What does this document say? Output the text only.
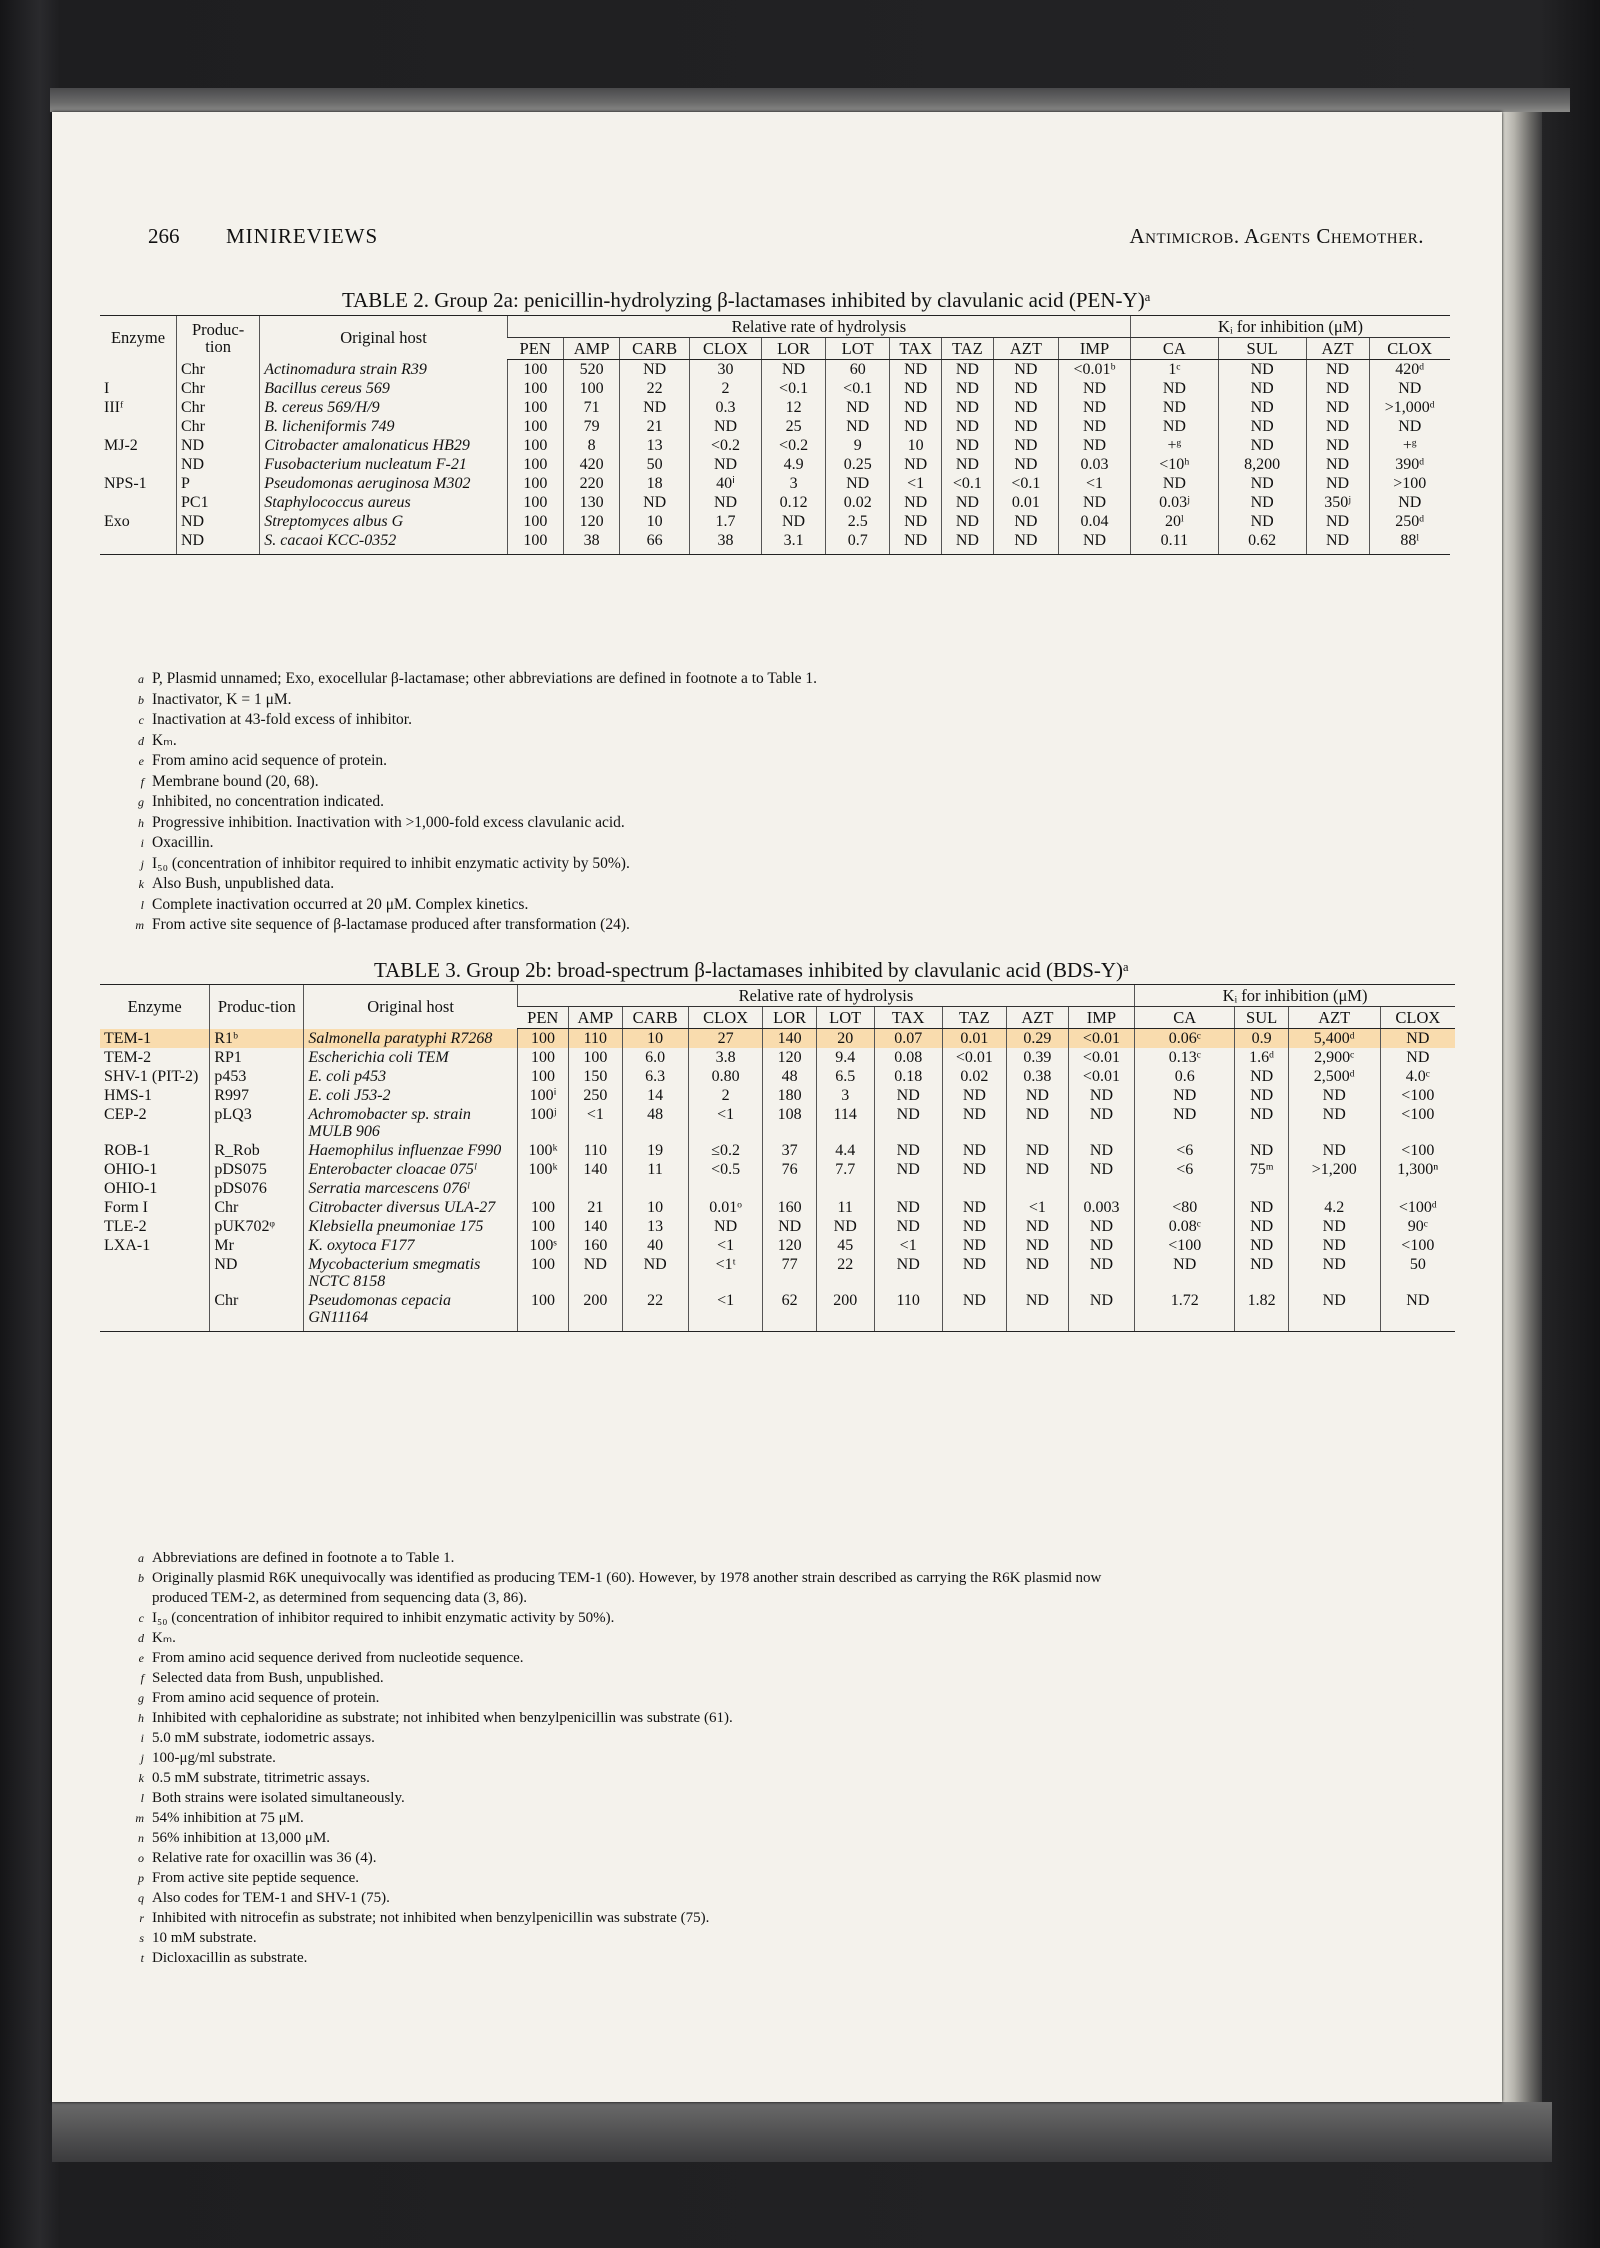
266 MINIREVIEWS	Antimicrob. Agents Chemother.
TABLE 2. Group 2a: penicillin-hydrolyzing β-lactamases inhibited by clavulanic acid (PEN-Y)ᵃ
Enzyme	Produc-tion	Original host	Relative rate of hydrolysis										Kᵢ for inhibition (μM)			
			PEN	AMP	CARB	CLOX	LOR	LOT	TAX	TAZ	AZT	IMP	CA	SUL	AZT	CLOX
	Chr	Actinomadura strain R39	100	520	ND	30	ND	60	ND	ND	ND	<0.01ᵇ	1ᶜ	ND	ND	420ᵈ
I	Chr	Bacillus cereus 569	100	100	22	2	<0.1	<0.1	ND	ND	ND	ND	ND	ND	ND	ND
IIIᶠ	Chr	B. cereus 569/H/9	100	71	ND	0.3	12	ND	ND	ND	ND	ND	ND	ND	ND	>1,000ᵈ
	Chr	B. licheniformis 749	100	79	21	ND	25	ND	ND	ND	ND	ND	ND	ND	ND	ND
MJ-2	ND	Citrobacter amalonaticus HB29	100	8	13	<0.2	<0.2	9	10	ND	ND	ND	+ᵍ	ND	ND	+ᵍ
	ND	Fusobacterium nucleatum F-21	100	420	50	ND	4.9	0.25	ND	ND	ND	0.03	<10ʰ	8,200	ND	390ᵈ
NPS-1	P	Pseudomonas aeruginosa M302	100	220	18	40ⁱ	3	ND	<1	<0.1	<0.1	<1	ND	ND	ND	>100
	PC1	Staphylococcus aureus	100	130	ND	ND	0.12	0.02	ND	ND	0.01	ND	0.03ʲ	ND	350ʲ	ND
Exo	ND	Streptomyces albus G	100	120	10	1.7	ND	2.5	ND	ND	ND	0.04	20ˡ	ND	ND	250ᵈ
	ND	S. cacaoi KCC-0352	100	38	66	38	3.1	0.7	ND	ND	ND	ND	0.11	0.62	ND	88ˡ
a P, Plasmid unnamed; Exo, exocellular β-lactamase; other abbreviations are defined in footnote a to Table 1.
b Inactivator, K = 1 μM.
c Inactivation at 43-fold excess of inhibitor.
d Kₘ.
e From amino acid sequence of protein.
f Membrane bound (20, 68).
g Inhibited, no concentration indicated.
h Progressive inhibition. Inactivation with >1,000-fold excess clavulanic acid.
i Oxacillin.
j I₅₀ (concentration of inhibitor required to inhibit enzymatic activity by 50%).
k Also Bush, unpublished data.
l Complete inactivation occurred at 20 μM. Complex kinetics.
m From active site sequence of β-lactamase produced after transformation (24).
TABLE 3. Group 2b: broad-spectrum β-lactamases inhibited by clavulanic acid (BDS-Y)ᵃ
Enzyme	Produc-tion	Original host	Relative rate of hydrolysis										Kᵢ for inhibition (μM)			
			PEN	AMP	CARB	CLOX	LOR	LOT	TAX	TAZ	AZT	IMP	CA	SUL	AZT	CLOX
TEM-1	R1ᵇ	Salmonella paratyphi R7268	100	110	10	27	140	20	0.07	0.01	0.29	<0.01	0.06ᶜ	0.9	5,400ᵈ	ND
TEM-2	RP1	Escherichia coli TEM	100	100	6.0	3.8	120	9.4	0.08	<0.01	0.39	<0.01	0.13ᶜ	1.6ᵈ	2,900ᶜ	ND
SHV-1 (PIT-2)	p453	E. coli p453	100	150	6.3	0.80	48	6.5	0.18	0.02	0.38	<0.01	0.6	ND	2,500ᵈ	4.0ᶜ
HMS-1	R997	E. coli J53-2	100ⁱ	250	14	2	180	3	ND	ND	ND	ND	ND	ND	ND	<100
CEP-2	pLQ3	Achromobacter sp. strain MULB 906	100ʲ	<1	48	<1	108	114	ND	ND	ND	ND	ND	ND	ND	<100
ROB-1	R_Rob	Haemophilus influenzae F990	100ᵏ	110	19	≤0.2	37	4.4	ND	ND	ND	ND	<6	ND	ND	<100
OHIO-1	pDS075	Enterobacter cloacae 075ˡ	100ᵏ	140	11	<0.5	76	7.7	ND	ND	ND	ND	<6	75ᵐ	>1,200	1,300ⁿ
OHIO-1	pDS076	Serratia marcescens 076ˡ														
Form I	Chr	Citrobacter diversus ULA-27	100	21	10	0.01ᵒ	160	11	ND	ND	<1	0.003	<80	ND	4.2	<100ᵈ
TLE-2	pUK702ᵠ	Klebsiella pneumoniae 175	100	140	13	ND	ND	ND	ND	ND	ND	ND	0.08ᶜ	ND	ND	90ᶜ
LXA-1	Mr	K. oxytoca F177	100ˢ	160	40	<1	120	45	<1	ND	ND	ND	<100	ND	ND	<100
	ND	Mycobacterium smegmatis NCTC 8158	100	ND	ND	<1ᵗ	77	22	ND	ND	ND	ND	ND	ND	ND	50
	Chr	Pseudomonas cepacia GN11164	100	200	22	<1	62	200	110	ND	ND	ND	1.72	1.82	ND	ND
a Abbreviations are defined in footnote a to Table 1.
b Originally plasmid R6K unequivocally was identified as producing TEM-1 (60). However, by 1978 another strain described as carrying the R6K plasmid now
produced TEM-2, as determined from sequencing data (3, 86).
c I₅₀ (concentration of inhibitor required to inhibit enzymatic activity by 50%).
d Kₘ.
e From amino acid sequence derived from nucleotide sequence.
f Selected data from Bush, unpublished.
g From amino acid sequence of protein.
h Inhibited with cephaloridine as substrate; not inhibited when benzylpenicillin was substrate (61).
i 5.0 mM substrate, iodometric assays.
j 100-μg/ml substrate.
k 0.5 mM substrate, titrimetric assays.
l Both strains were isolated simultaneously.
m 54% inhibition at 75 μM.
n 56% inhibition at 13,000 μM.
o Relative rate for oxacillin was 36 (4).
p From active site peptide sequence.
q Also codes for TEM-1 and SHV-1 (75).
r Inhibited with nitrocefin as substrate; not inhibited when benzylpenicillin was substrate (75).
s 10 mM substrate.
t Dicloxacillin as substrate.
